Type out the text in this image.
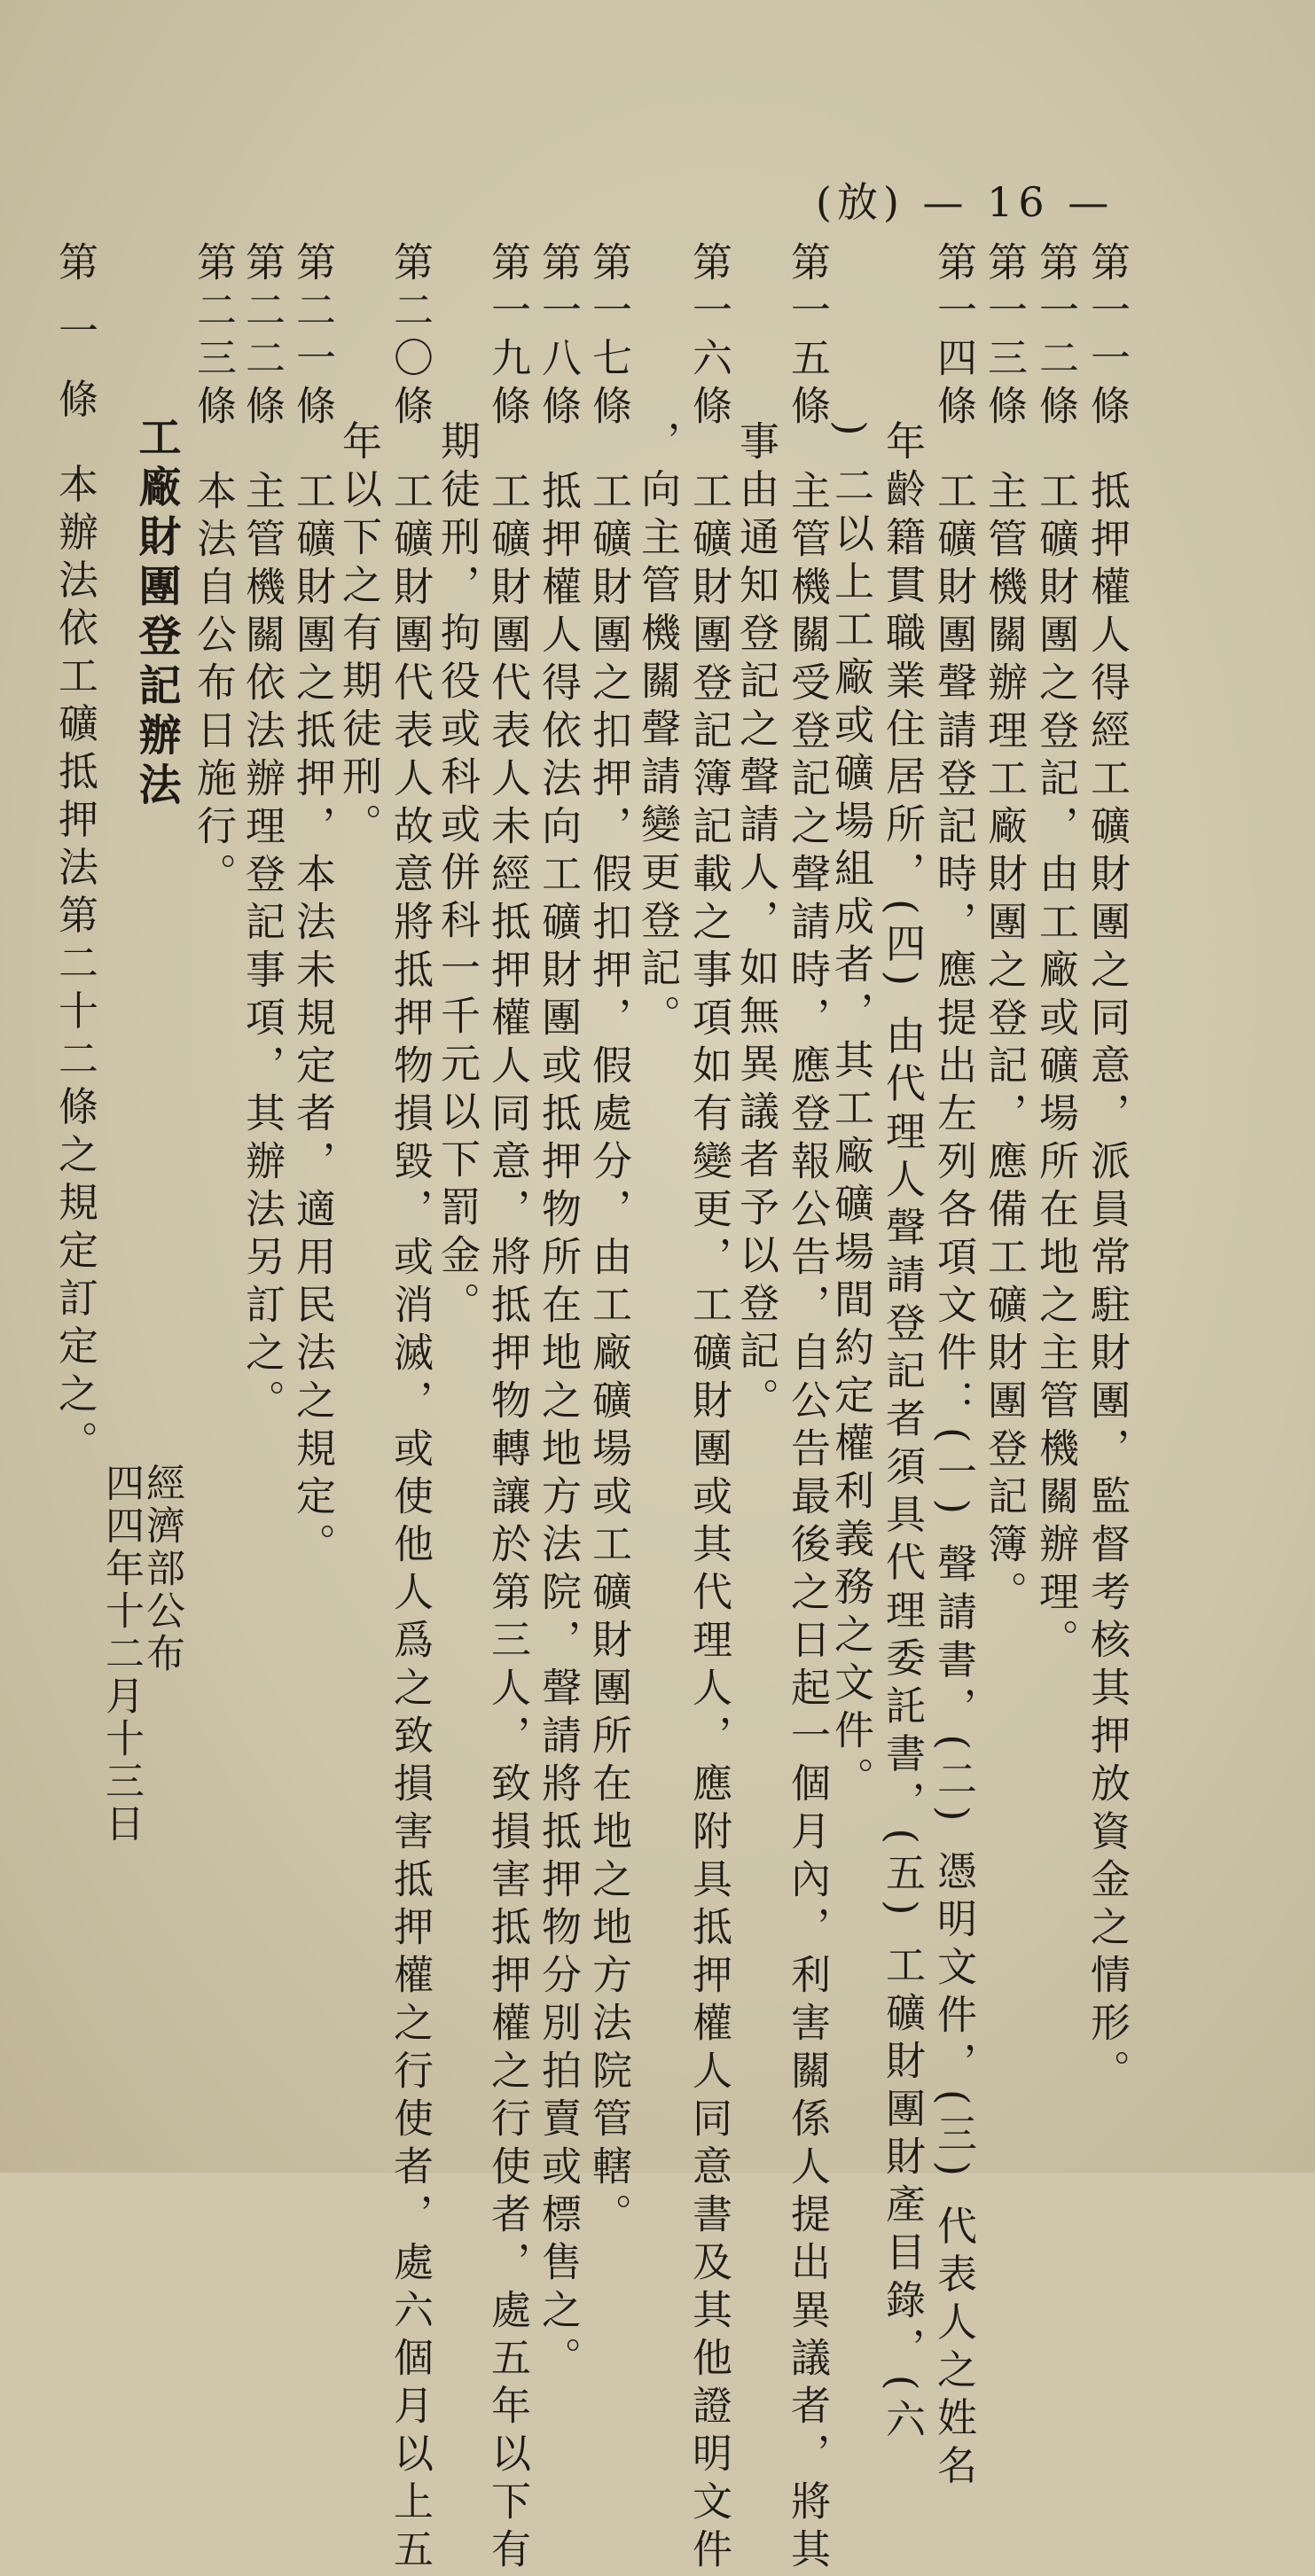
(放) — 16 —
第一一條抵押權人得經工礦財團之同意，派員常駐財團，監督考核其押放資金之情形。
第一二條工礦財團之登記，由工廠或礦場所在地之主管機關辦理。
第一三條主管機關辦理工廠財團之登記，應備工礦財團登記簿。
第一四條工礦財團聲請登記時，應提出左列各項文件：(一) 聲請書，(二) 憑明文件，(三) 代表人之姓名
年齡籍貫職業住居所，(四) 由代理人聲請登記者須具代理委託書，(五) 工礦財團財產目錄，(六
) 二以上工廠或礦場組成者，其工廠礦場間約定權利義務之文件。
第一五條主管機關受登記之聲請時，應登報公告，自公告最後之日起一個月內，利害關係人提出異議者，將其
事由通知登記之聲請人，如無異議者予以登記。
第一六條工礦財團登記簿記載之事項如有變更，工礦財團或其代理人，應附具抵押權人同意書及其他證明文件
，向主管機關聲請變更登記。
第一七條工礦財團之扣押，假扣押，假處分，由工廠礦場或工礦財團所在地之地方法院管轄。
第一八條抵押權人得依法向工礦財團或抵押物所在地之地方法院，聲請將抵押物分別拍賣或標售之。
第一九條工礦財團代表人未經抵押權人同意，將抵押物轉讓於第三人，致損害抵押權之行使者，處五年以下有
期徒刑，拘役或科或併科一千元以下罰金。
第二〇條工礦財團代表人故意將抵押物損毀，或消滅，或使他人爲之致損害抵押權之行使者，處六個月以上五
年以下之有期徒刑。
第二一條工礦財團之抵押，本法未規定者，適用民法之規定。
第二二條主管機關依法辦理登記事項，其辦法另訂之。
第二三條本法自公布日施行。
工廠財團登記辦法
經濟部公布
四四年十二月十三日
第 一 條本辦法依工礦抵押法第二十二條之規定訂定之。
